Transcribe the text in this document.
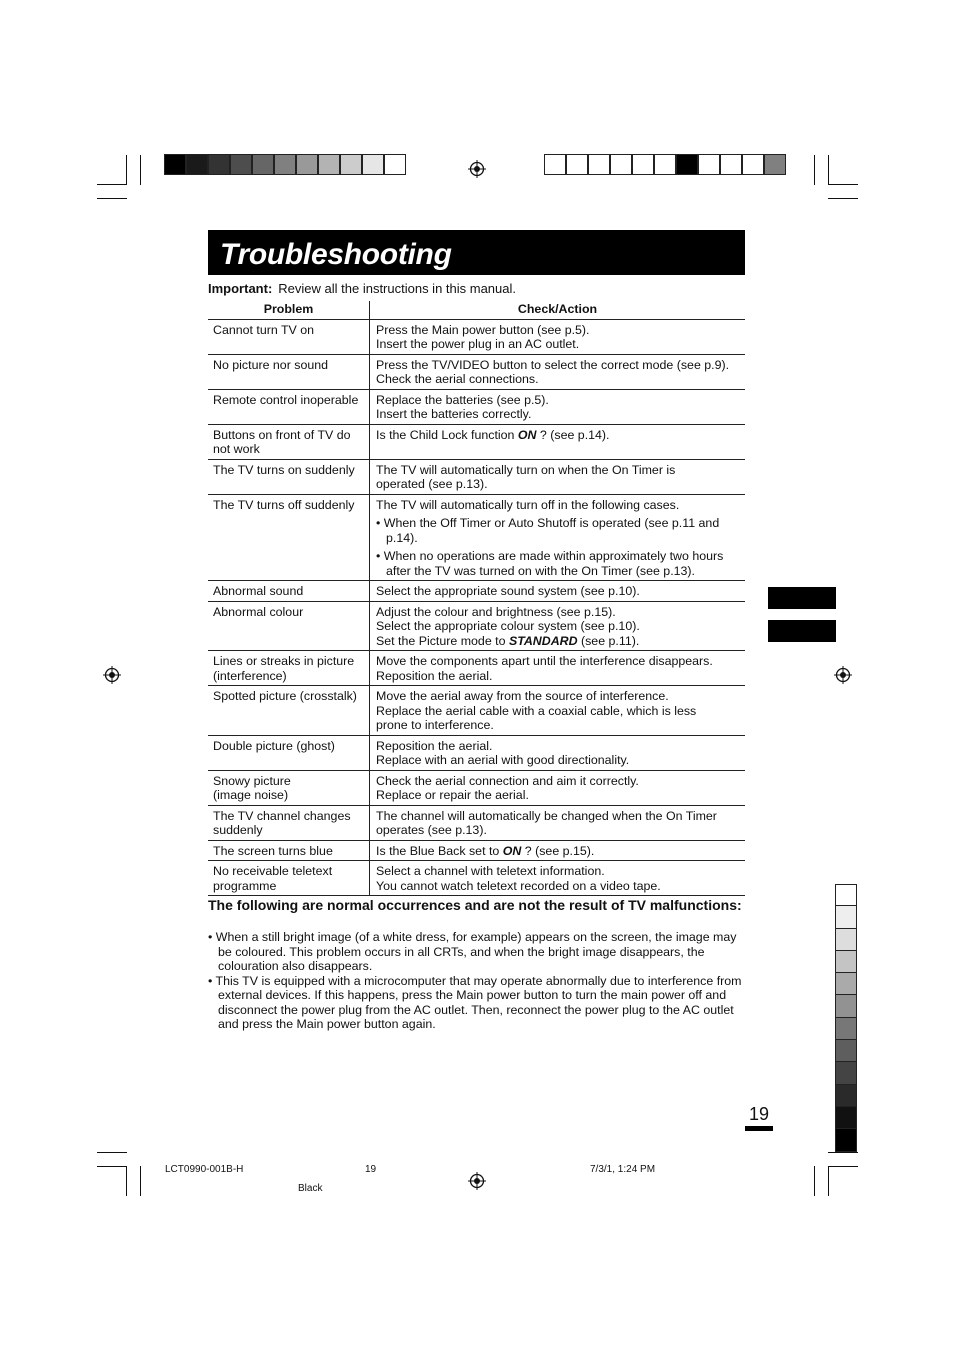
Troubleshooting
Important: Review all the instructions in this manual.
Problem	Check/Action

Cannot turn TV on	Press the Main power button (see p.5).
Insert the power plug in an AC outlet.

No picture nor sound	Press the TV/VIDEO button to select the correct mode (see p.9).
Check the aerial connections.

Remote control inoperable	Replace the batteries (see p.5).
Insert the batteries correctly.

Buttons on front of TV do
not work	Is the Child Lock function ON ? (see p.14).

The TV turns on suddenly	The TV will automatically turn on when the On Timer is
operated (see p.13).

The TV turns off suddenly	The TV will automatically turn off in the following cases.
• When the Off Timer or Auto Shutoff is operated (see p.11 and p.14).
• When no operations are made within approximately two hours after the TV was turned on with the On Timer (see p.13).

Abnormal sound	Select the appropriate sound system (see p.10).

Abnormal colour	Adjust the colour and brightness (see p.15).
Select the appropriate colour system (see p.10).
Set the Picture mode to STANDARD (see p.11).

Lines or streaks in picture
(interference)	Move the components apart until the interference disappears.
Reposition the aerial.

Spotted picture (crosstalk)	Move the aerial away from the source of interference.
Replace the aerial cable with a coaxial cable, which is less
prone to interference.

Double picture (ghost)	Reposition the aerial.
Replace with an aerial with good directionality.

Snowy picture
(image noise)	Check the aerial connection and aim it correctly.
Replace or repair the aerial.

The TV channel changes
suddenly	The channel will automatically be changed when the On Timer
operates (see p.13).

The screen turns blue	Is the Blue Back set to ON ? (see p.15).

No receivable teletext
programme	Select a channel with teletext information.
You cannot watch teletext recorded on a video tape.
The following are normal occurrences and are not the result of TV malfunctions:
• When a still bright image (of a white dress, for example) appears on the screen, the image may be coloured. This problem occurs in all CRTs, and when the bright image disappears, the colouration also disappears.
• This TV is equipped with a microcomputer that may operate abnormally due to interference from external devices. If this happens, press the Main power button to turn the main power off and disconnect the power plug from the AC outlet. Then, reconnect the power plug to the AC outlet and press the Main power button again.
19
LCT0990-001B-H	19	7/3/1, 1:24 PM
Black
